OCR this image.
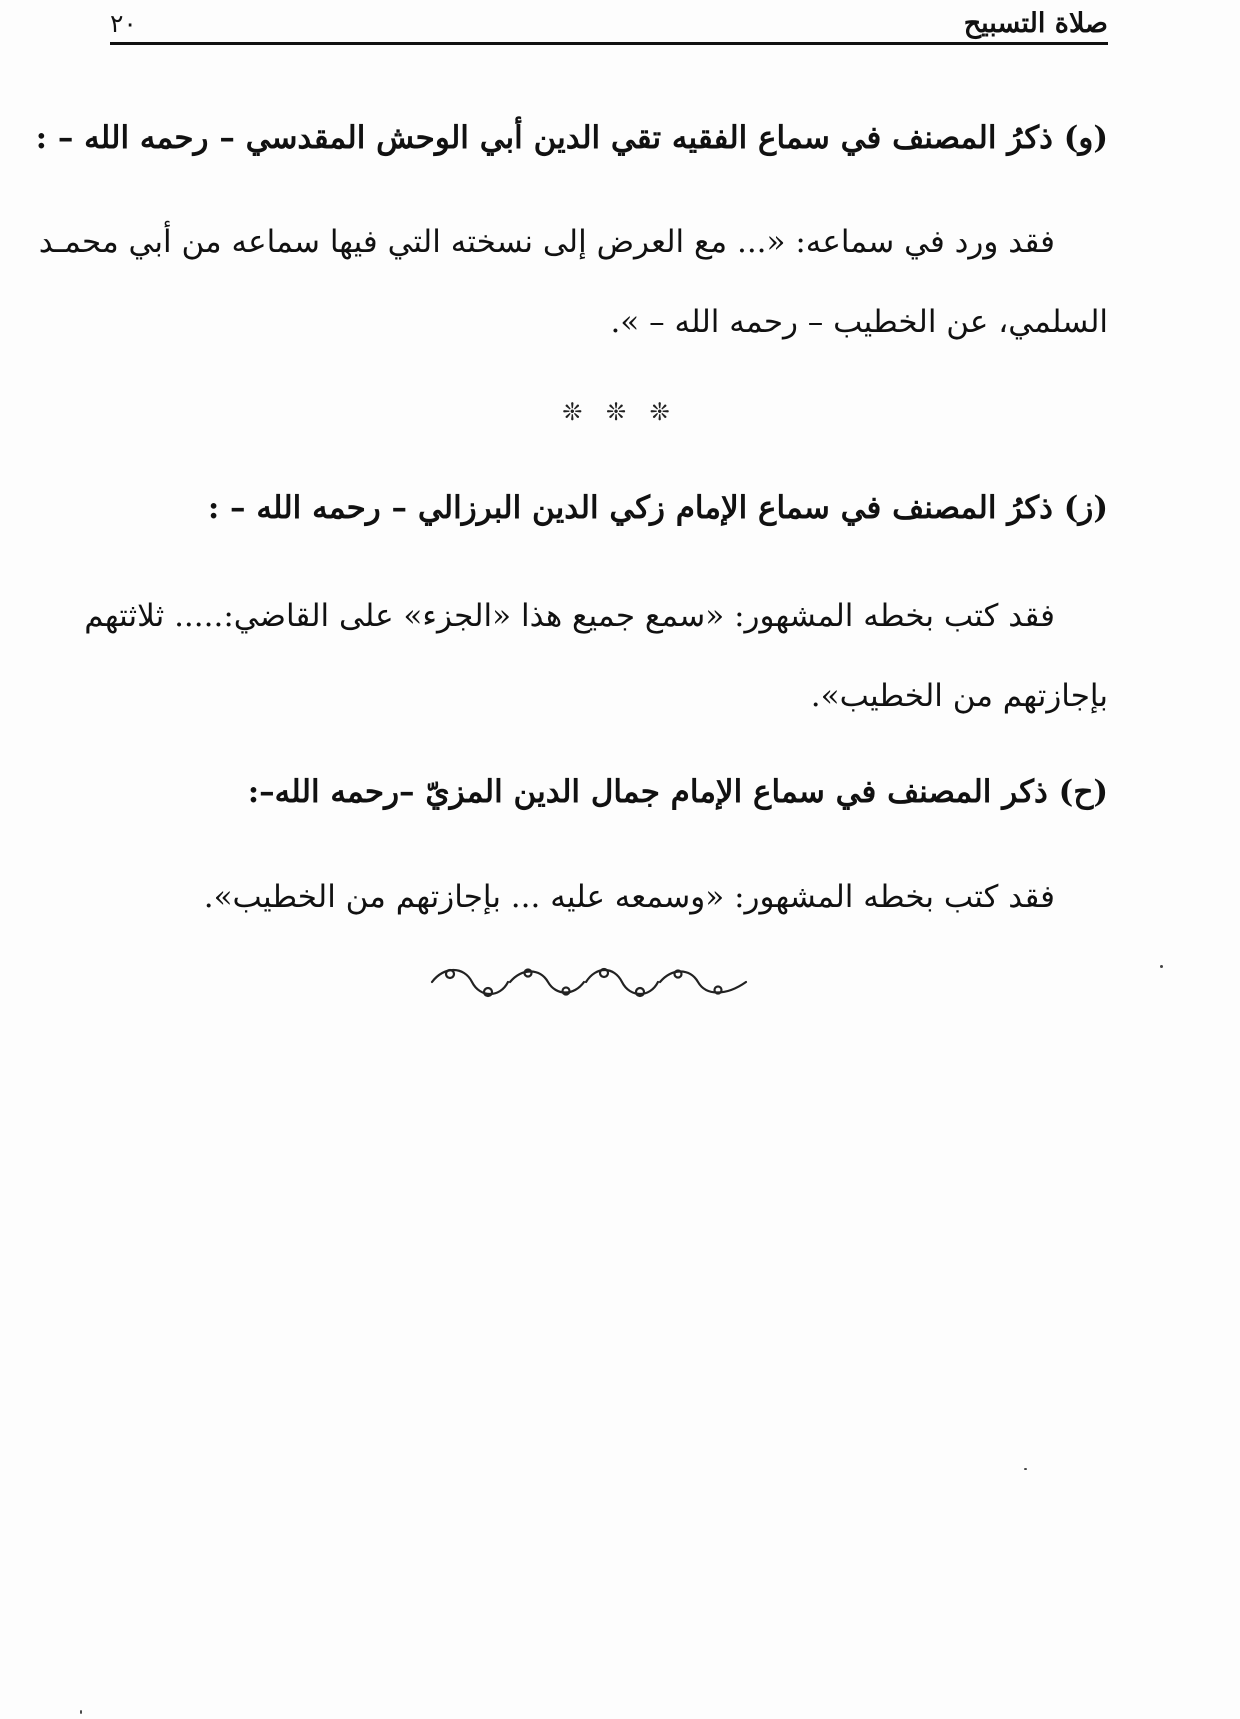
صلاة التسبيح
٢٠
(و) ذكرُ المصنف في سماع الفقيه تقي الدين أبي الوحش المقدسي – رحمه الله – :
فقد ورد في سماعه: «... مع العرض إلى نسخته التي فيها سماعه من أبي محمـد
السلمي، عن الخطيب – رحمه الله – ».
❊ ❊ ❊
(ز) ذكرُ المصنف في سماع الإمام زكي الدين البرزالي – رحمه الله – :
فقد كتب بخطه المشهور: «سمع جميع هذا «الجزء» على القاضي:..... ثلاثتهم
بإجازتهم من الخطيب».
(ح) ذكر المصنف في سماع الإمام جمال الدين المزيّ –رحمه الله–:
فقد كتب بخطه المشهور: «وسمعه عليه ... بإجازتهم من الخطيب».
